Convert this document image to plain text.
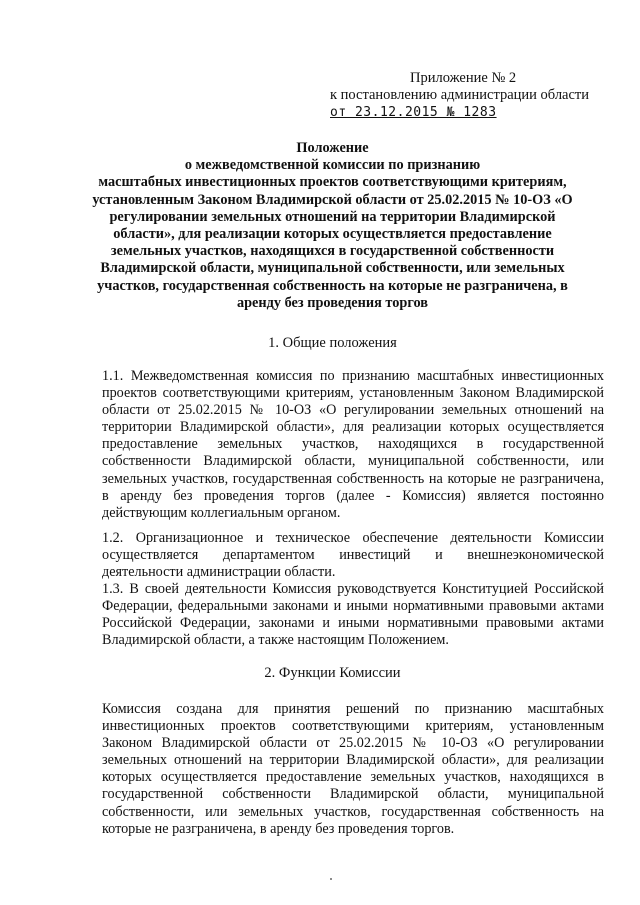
Приложение № 2
к постановлению администрации области
от 23.12.2015 № 1283
Положение
о межведомственной комиссии по признанию
масштабных инвестиционных проектов соответствующими критериям,
установленным Законом Владимирской области от 25.02.2015 № 10-ОЗ «О
регулировании земельных отношений на территории Владимирской
области», для реализации которых осуществляется предоставление
земельных участков, находящихся в государственной собственности
Владимирской области, муниципальной собственности, или земельных
участков, государственная собственность на которые не разграничена, в
аренду без проведения торгов
1. Общие положения
1.1. Межведомственная комиссия по признанию масштабных инвестиционных проектов соответствующими критериям, установленным Законом Владимирской области от 25.02.2015 № 10-ОЗ «О регулировании земельных отношений на территории Владимирской области», для реализации которых осуществляется предоставление земельных участков, находящихся в государственной собственности Владимирской области, муниципальной собственности, или земельных участков, государственная собственность на которые не разграничена, в аренду без проведения торгов (далее - Комиссия) является постоянно действующим коллегиальным органом.
1.2. Организационное и техническое обеспечение деятельности Комиссии осуществляется департаментом инвестиций и внешнеэкономической деятельности администрации области.
1.3. В своей деятельности Комиссия руководствуется Конституцией Российской Федерации, федеральными законами и иными нормативными правовыми актами Российской Федерации, законами и иными нормативными правовыми актами Владимирской области, а также настоящим Положением.
2. Функции Комиссии
Комиссия создана для принятия решений по признанию масштабных инвестиционных проектов соответствующими критериям, установленным Законом Владимирской области от 25.02.2015 № 10-ОЗ «О регулировании земельных отношений на территории Владимирской области», для реализации которых осуществляется предоставление земельных участков, находящихся в государственной собственности Владимирской области, муниципальной собственности, или земельных участков, государственная собственность на которые не разграничена, в аренду без проведения торгов.
